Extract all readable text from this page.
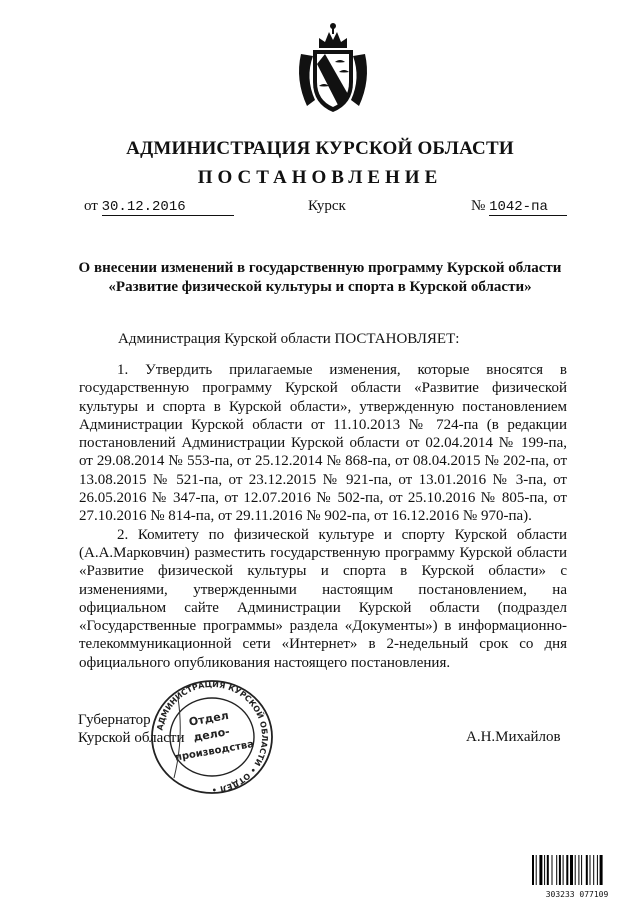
АДМИНИСТРАЦИЯ КУРСКОЙ ОБЛАСТИ
ПОСТАНОВЛЕНИЕ
от 30.12.2016	Курск	№ 1042-па
О внесении изменений в государственную программу Курской области
«Развитие физической культуры и спорта в Курской области»
Администрация Курской области ПОСТАНОВЛЯЕТ:

1. Утвердить прилагаемые изменения, которые вносятся в государственную программу Курской области «Развитие физической культуры и спорта в Курской области», утвержденную постановлением Администрации Курской области от 11.10.2013 № 724-па (в редакции постановлений Администрации Курской области от 02.04.2014 № 199-па, от 29.08.2014 № 553-па, от 25.12.2014 № 868-па, от 08.04.2015 № 202-па, от 13.08.2015 № 521-па, от 23.12.2015 № 921-па, от 13.01.2016 № 3-па, от 26.05.2016 № 347-па, от 12.07.2016 № 502-па, от 25.10.2016 № 805-па, от 27.10.2016 № 814-па, от 29.11.2016 № 902-па, от 16.12.2016 № 970-па).

2. Комитету по физической культуре и спорту Курской области (А.А.Марковчин) разместить государственную программу Курской области «Развитие физической культуры и спорта в Курской области» с изменениями, утвержденными настоящим постановлением, на официальном сайте Администрации Курской области (подраздел «Государственные программы» раздела «Документы») в информационно-телекоммуникационной сети «Интернет» в 2-недельный срок со дня официального опубликования настоящего постановления.

Губернатор
Курской области	А.Н.Михайлов
АДМИНИСТРАЦИЯ КУРСКОЙ ОБЛАСТИ • ОТДЕЛ •
Отдел
дело-
производства
303233 077109
